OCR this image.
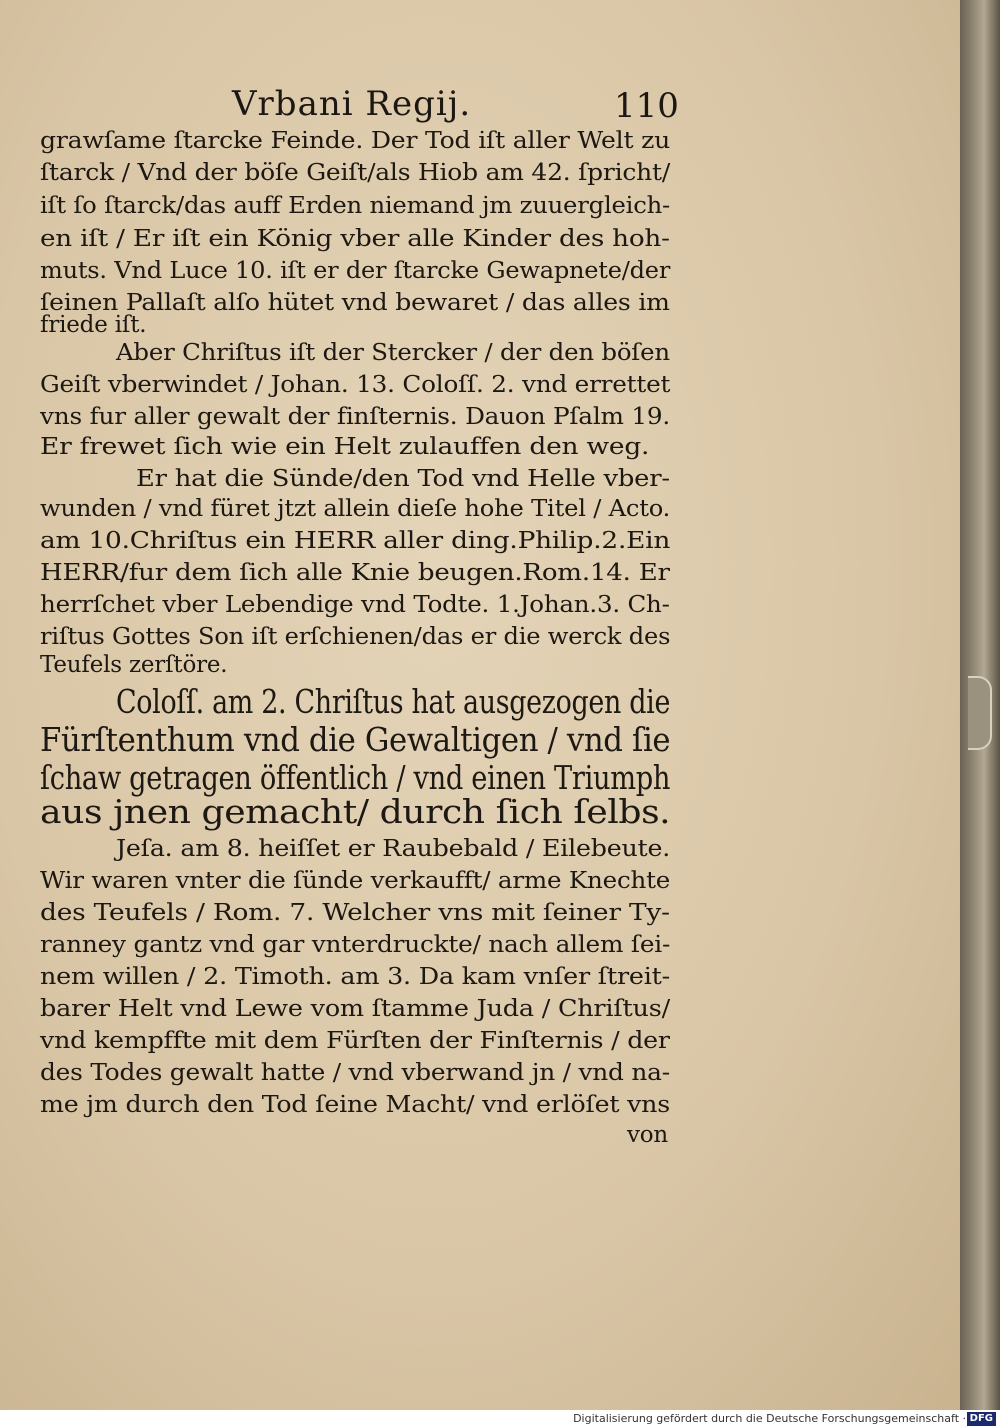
Vrbani Regij.	110
grawſame ſtarcke Feinde. Der Tod iſt aller Welt zu
ſtarck / Vnd der böſe Geiſt/als Hiob am 42. ſpricht/
iſt ſo ſtarck/das auff Erden niemand jm zuuergleich-
en iſt / Er iſt ein König vber alle Kinder des hoh-
muts. Vnd Luce 10. iſt er der ſtarcke Gewapnete/der
ſeinen Pallaſt alſo hütet vnd bewaret / das alles im
friede iſt.
Aber Chriſtus iſt der Stercker / der den böſen
Geiſt vberwindet / Johan. 13. Coloſſ. 2. vnd errettet
vns fur aller gewalt der finſternis. Dauon Pſalm 19.
Er frewet ſich wie ein Helt zulauffen den weg.
Er hat die Sünde/den Tod vnd Helle vber-
wunden / vnd füret jtzt allein dieſe hohe Titel / Acto.
am 10.Chriſtus ein HERR aller ding.Philip.2.Ein
HERR/fur dem ſich alle Knie beugen.Rom.14. Er
herrſchet vber Lebendige vnd Todte. 1.Johan.3. Ch-
riſtus Gottes Son iſt erſchienen/das er die werck des
Teufels zerſtöre.
Coloſſ. am 2. Chriſtus hat ausgezogen die
Fürſtenthum vnd die Gewaltigen / vnd ſie
ſchaw getragen öffentlich / vnd einen Triumph
aus jnen gemacht/ durch ſich ſelbs.
Jeſa. am 8. heiſſet er Raubebald / Eilebeute.
Wir waren vnter die ſünde verkaufft/ arme Knechte
des Teufels / Rom. 7. Welcher vns mit ſeiner Ty-
ranney gantz vnd gar vnterdruckte/ nach allem ſei-
nem willen / 2. Timoth. am 3. Da kam vnſer ſtreit-
barer Helt vnd Lewe vom ſtamme Juda / Chriſtus/
vnd kempffte mit dem Fürſten der Finſternis / der
des Todes gewalt hatte / vnd vberwand jn / vnd na-
me jm durch den Tod ſeine Macht/ vnd erlöſet vns
von
Digitalisierung gefördert durch die Deutsche Forschungsgemeinschaft · DFG
